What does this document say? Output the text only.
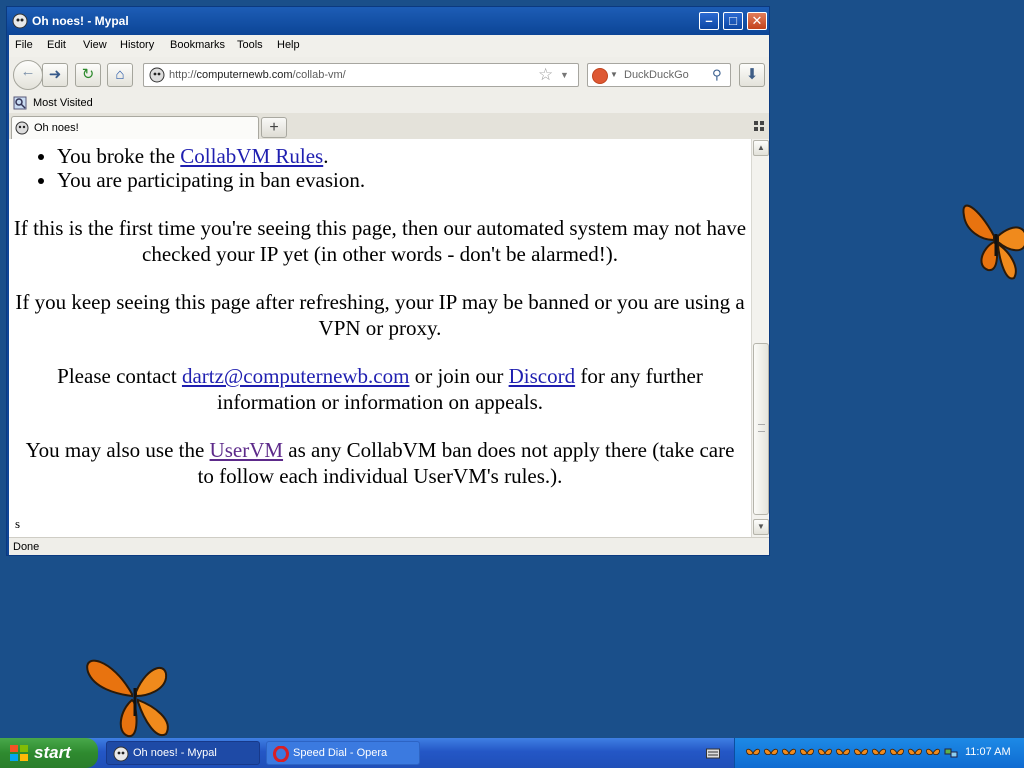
Oh noes! - Mypal	–	□	✕
File Edit View History Bookmarks Tools Help
← ➜	↻	⌂	http://computernewb.com/collab-vm/	☆ ▼	▼ DuckDuckGo ⚲	⬇
Most Visited
Oh noes!	+
• You broke the CollabVM Rules.
• You are participating in ban evasion.

If this is the first time you're seeing this page, then our automated system may not have checked your IP yet (in other words - don't be alarmed!).

If you keep seeing this page after refreshing, your IP may be banned or you are using a VPN or proxy.

Please contact dartz@computernewb.com or join our Discord for any further information or information on appeals.

You may also use the UserVM as any CollabVM ban does not apply there (take care to follow each individual UserVM's rules.).

s
▲
▼
Done
start	Oh noes! - Mypal	Speed Dial - Opera	11:07 AM
